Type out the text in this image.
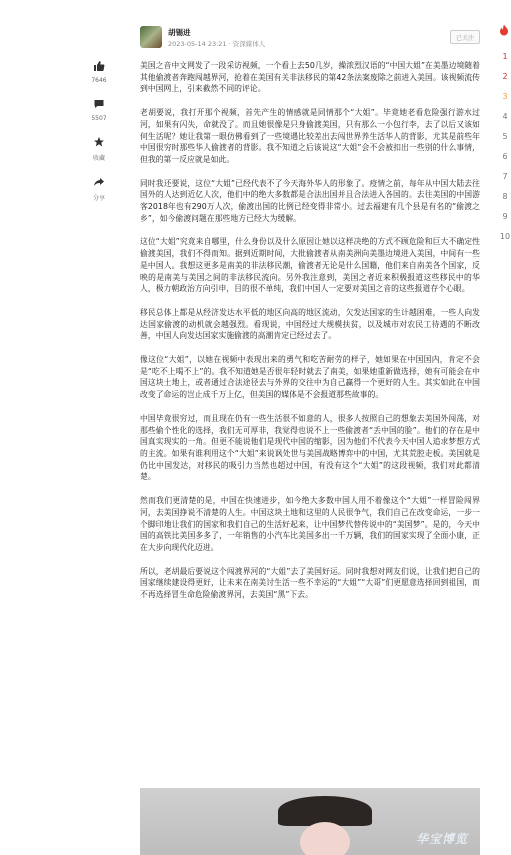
7646
5507
收藏
分享
胡锡进
2023-05-14 23:21 · 资深媒体人
已关注

美国之音中文网发了一段采访视频，一个看上去50几岁，操浓烈汉语的“中国大姐”在美墨边境随着其他偷渡者奔跑闯越界河，抢着在美国有关非法移民的第42条法案废除之前进入美国。该视频流传到中国网上，引来截然不同的评论。

老胡要说，我打开那个视频，首先产生的情感就是同情那个“大姐”。毕竟她老看危险强行游水过河，如果有闪失，命就没了。而且她很像是只身偷渡美国，只有那么一小包行李，去了以后又该如何生活呢？她让我第一眼仿佛看到了一些境遇比较差出去闯世界养生活华人的背影，尤其是前些年中国很穷时那些华人偷渡者的背影。我不知道之后该说这“大姐”会不会被扣出一些别的什么事情，但我的第一反应就是如此。

同时我还要说，这位“大姐”已经代表不了今天海外华人的形象了。疫情之前，每年从中国大陆去往国外的人达到近亿人次，他们中的绝大多数都是合法出国并且合法进入各国的。去往美国的中国游客2018年也有290万人次，偷渡出国的比例已经变得非常小。过去福建有几个县是有名的“偷渡之乡”，如今偷渡问题在那些地方已经大为缓解。

这位“大姐”究竟来自哪里，什么身份以及什么原因让她以这样决绝的方式不顾危险和巨大不确定性偷渡美国，我们不得而知。据到近期时间，大批偷渡者从南美洲向美墨边境进入美国，中间有一些是中国人。我想这更多是南美的非法移民潮，偷渡者无论是什么国籍，他们来自南美各个国家，反映的是南美与美国之间的非法移民流向。另外我注意到，美国之者近来积极报道这些移民中的华人，极力朝政治方向引申，目的很不单纯，我们中国人一定要对美国之音的这些报道存个心眼。

移民总体上都是从经济发达水平低的地区向高的地区流动，欠发达国家的生计越困难，一些人向发达国家偷渡的动机就会越强烈。看现说，中国经过大规模扶贫，以及城市对农民工待遇的不断改善，中国人向发达国家实施偷渡的高潮肯定已经过去了。

像这位“大姐”，以她在视频中表现出来的勇气和吃苦耐劳的样子，她如果在中国国内，肯定不会是“吃不上喝不上”的。我不知道她是否很年轻时就去了南美，如果她重新做选择，她有可能会在中国这块土地上，或者通过合法途径去与外界的交往中为自己赢得一个更好的人生。其实如此在中国改变了命运的岂止成千万上亿，但美国的媒体是不会报道那些故事的。

中国毕竟很穷过，而且现在仍有一些生活很不如意的人，很多人按照自己的想象去美国外闯荡，对那些偷个性化的选择，我们无可厚非，我觉得也说不上一些偷渡者“丢中国的脸”。他们的存在是中国真实现实的一角。但更不能说他们是现代中国的缩影，因为他们不代表今天中国人追求梦想方式的主流。如果有谁利用这个“大姐”来说讽处世与美国战略博弈中的中国，尤其荒腔走板。美国就是仍比中国发达，对移民的吸引力当然也超过中国，有没有这个“大姐”的这段视频，我们对此都清楚。

然而我们更清楚的是，中国在快速进步，如今绝大多数中国人用不着像这个“大姐”一样冒险闯界河，去美国挣说不清楚的人生。中国这块土地和这里的人民很争气，我们自己在改变命运，一步一个脚印地让我们的国家和我们自己的生活好起来，让中国梦代替传说中的“美国梦”。是的，今天中国的高铁比美国多多了，一年销售的小汽车比美国多出一千万辆，我们的国家实现了全面小康，正在大步向现代化迈进。

所以，老胡最后要说这个闯渡界河的“大姐”去了美国好运。同时我想对网友们说，让我们把自己的国家继续建设得更好，让未来在南美讨生活一些不幸运的“大姐”“大哥”们更愿意选择回到祖国，而不再选择冒生命危险偷渡界河，去美国“黑”下去。

华宝博览
1
2
3
4
5
6
7
8
9
10
